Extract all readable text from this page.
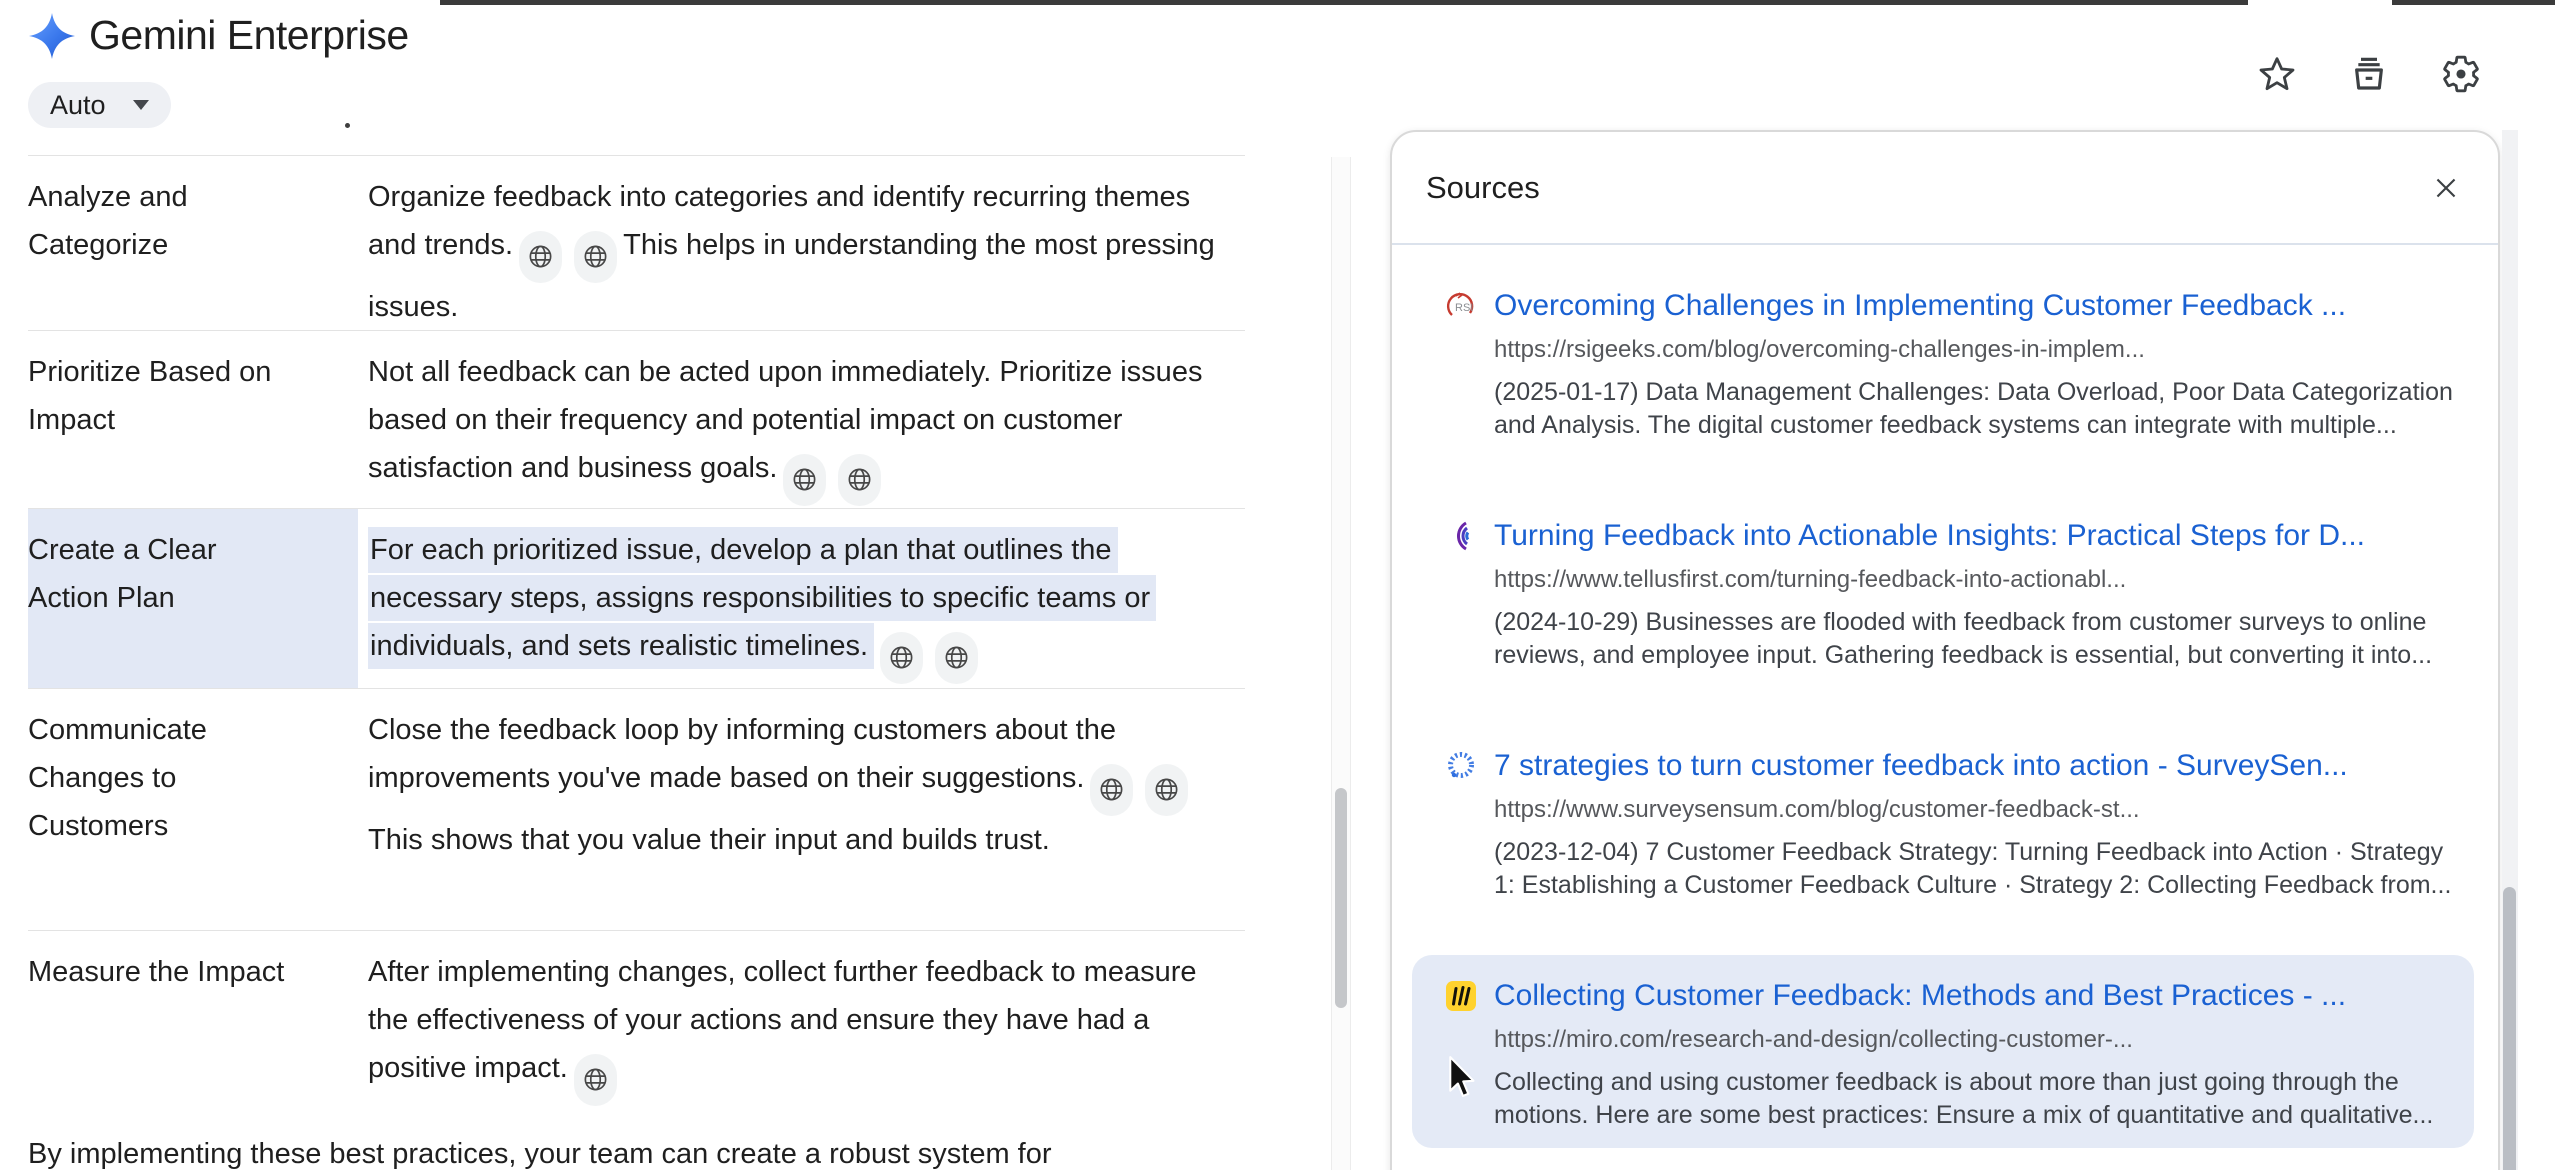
Gemini Enterprise
Auto
Analyze and Categorize
Organize feedback into categories and identify recurring themes and trends.	This helps in understanding the most pressing issues.
Prioritize Based on Impact
Not all feedback can be acted upon immediately. Prioritize issues based on their frequency and potential impact on customer satisfaction and business goals.
Create a Clear Action Plan
For each prioritized issue, develop a plan that outlines the necessary steps, assigns responsibilities to specific teams or individuals, and sets realistic timelines.
Communicate Changes to Customers
Close the feedback loop by informing customers about the improvements you've made based on their suggestions.
This shows that you value their input and builds trust.
Measure the Impact	After implementing changes, collect further feedback to measure the effectiveness of your actions and ensure they have had a positive impact.
By implementing these best practices, your team can create a robust system for
Sources
RSI Overcoming Challenges in Implementing Customer Feedback ...
https://rsigeeks.com/blog/overcoming-challenges-in-implem...
(2025-01-17) Data Management Challenges: Data Overload, Poor Data Categorization and Analysis. The digital customer feedback systems can integrate with multiple...
Turning Feedback into Actionable Insights: Practical Steps for D...
https://www.tellusfirst.com/turning-feedback-into-actionabl...
(2024-10-29) Businesses are flooded with feedback from customer surveys to online reviews, and employee input. Gathering feedback is essential, but converting it into...
7 strategies to turn customer feedback into action - SurveySen...
https://www.surveysensum.com/blog/customer-feedback-st...
(2023-12-04) 7 Customer Feedback Strategy: Turning Feedback into Action · Strategy 1: Establishing a Customer Feedback Culture · Strategy 2: Collecting Feedback from...
Collecting Customer Feedback: Methods and Best Practices - ...
https://miro.com/research-and-design/collecting-customer-...
Collecting and using customer feedback is about more than just going through the motions. Here are some best practices: Ensure a mix of quantitative and qualitative...
